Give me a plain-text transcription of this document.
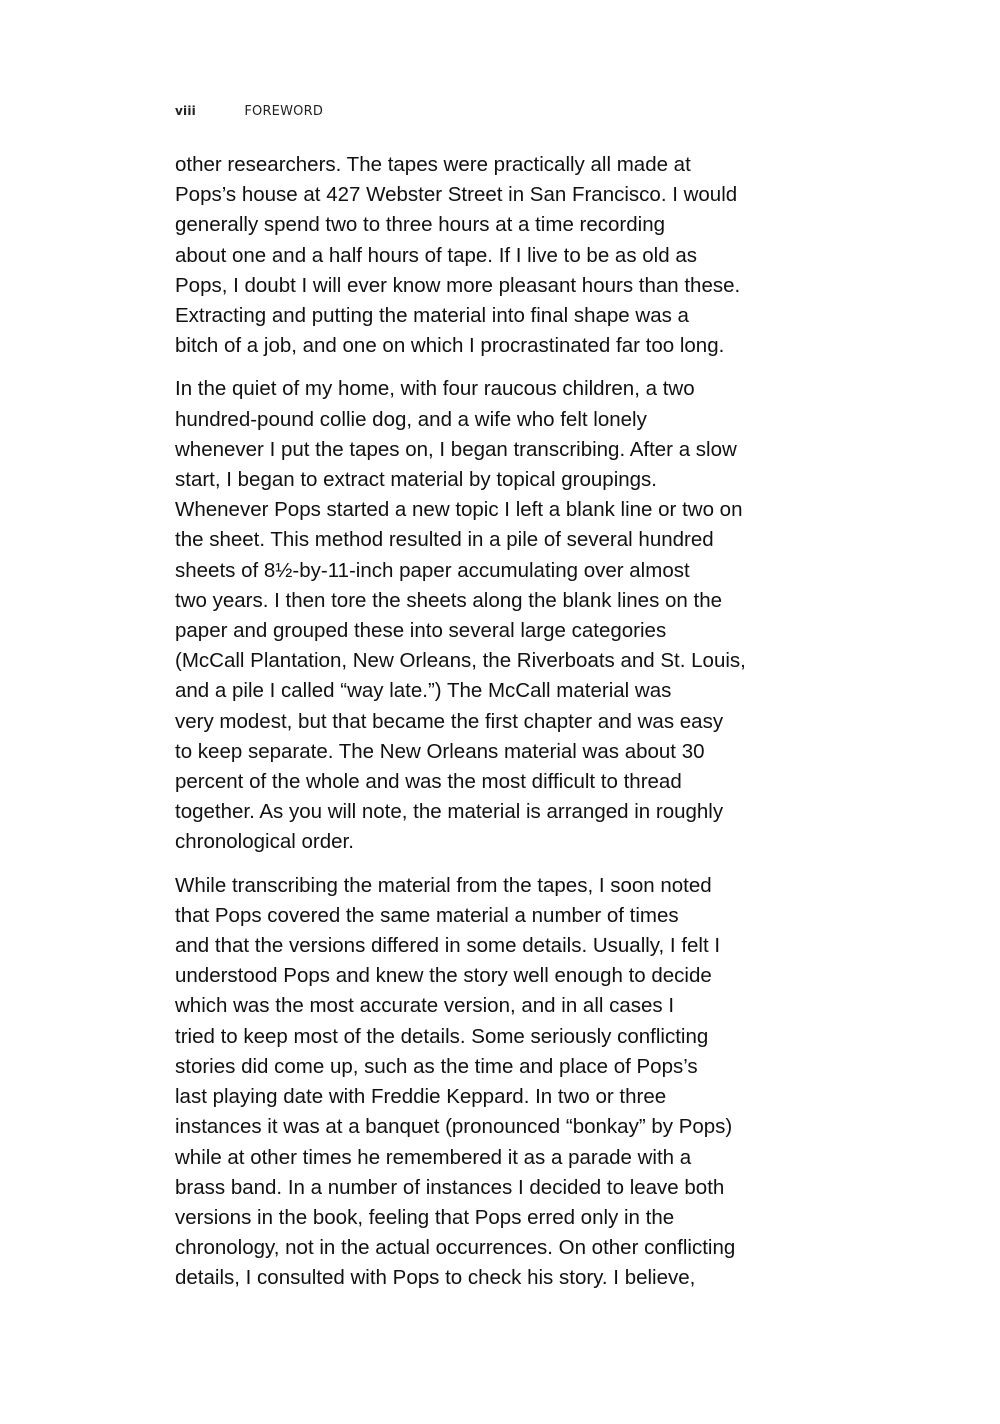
viii	FOREWORD

other researchers. The tapes were practically all made at
Pops’s house at 427 Webster Street in San Francisco. I would
generally spend two to three hours at a time recording
about one and a half hours of tape. If I live to be as old as
Pops, I doubt I will ever know more pleasant hours than these.
Extracting and putting the material into final shape was a
bitch of a job, and one on which I procrastinated far too long.

In the quiet of my home, with four raucous children, a two
hundred-pound collie dog, and a wife who felt lonely
whenever I put the tapes on, I began transcribing. After a slow
start, I began to extract material by topical groupings.
Whenever Pops started a new topic I left a blank line or two on
the sheet. This method resulted in a pile of several hundred
sheets of 8½-by-11-inch paper accumulating over almost
two years. I then tore the sheets along the blank lines on the
paper and grouped these into several large categories
(McCall Plantation, New Orleans, the Riverboats and St. Louis,
and a pile I called “way late.”) The McCall material was
very modest, but that became the first chapter and was easy
to keep separate. The New Orleans material was about 30
percent of the whole and was the most difficult to thread
together. As you will note, the material is arranged in roughly
chronological order.

While transcribing the material from the tapes, I soon noted
that Pops covered the same material a number of times
and that the versions differed in some details. Usually, I felt I
understood Pops and knew the story well enough to decide
which was the most accurate version, and in all cases I
tried to keep most of the details. Some seriously conflicting
stories did come up, such as the time and place of Pops’s
last playing date with Freddie Keppard. In two or three
instances it was at a banquet (pronounced “bonkay” by Pops)
while at other times he remembered it as a parade with a
brass band. In a number of instances I decided to leave both
versions in the book, feeling that Pops erred only in the
chronology, not in the actual occurrences. On other conflicting
details, I consulted with Pops to check his story. I believe,
